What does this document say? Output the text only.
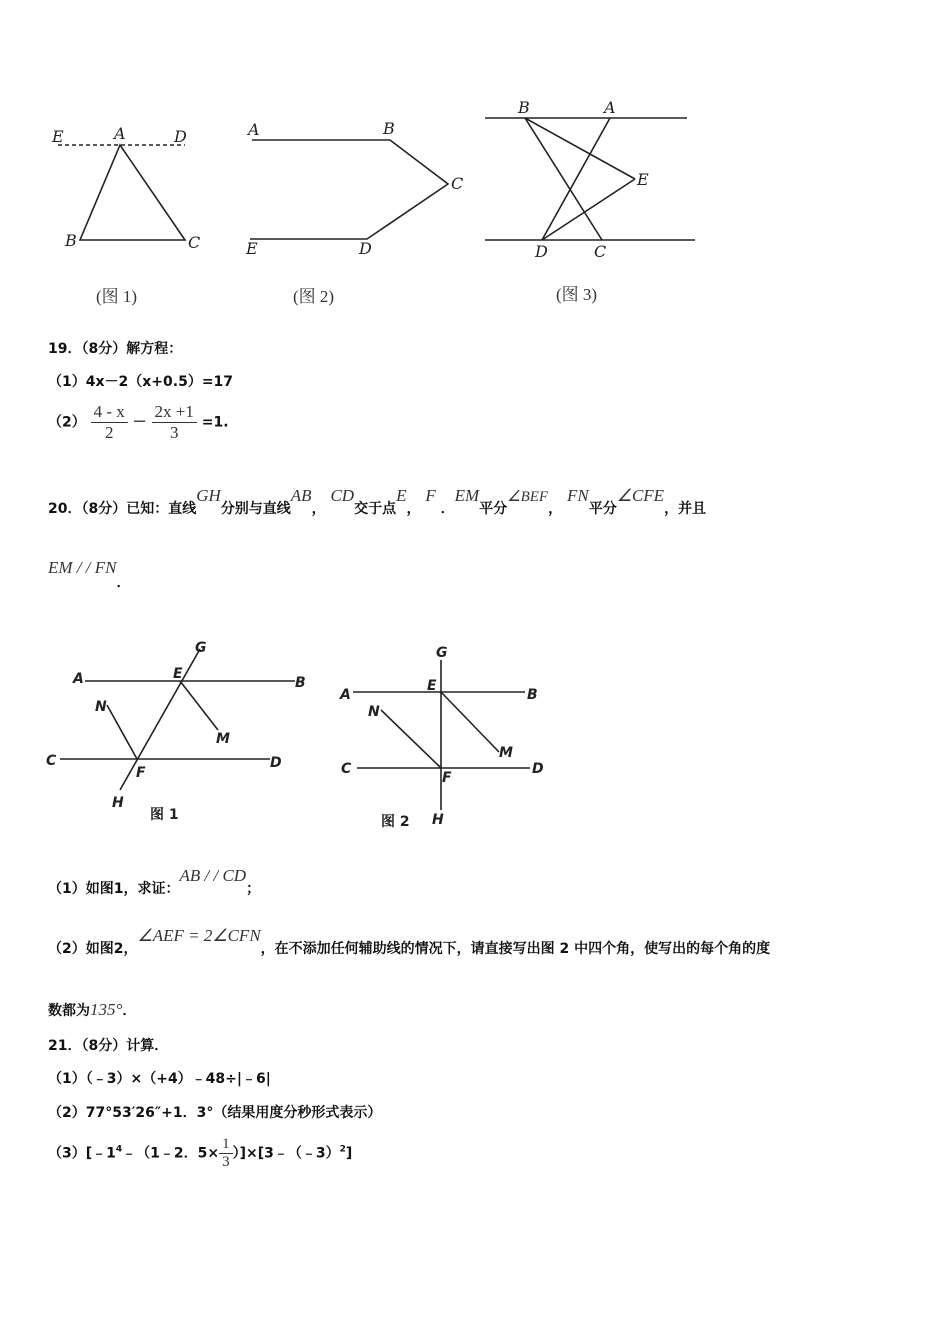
E	A	D
B	C
(图 1)
A	B
C
E	D
(图 2)
B	A
E
D	C
(图 3)
19．（8分）解方程：
（1）4x－2（x+0.5）=17
$(2) \frac{4 - x}{2} - \frac{2x +1}{3} =1$.
20．（8分）已知：直线GH分别与直线AB， CD交于点E， F ．EM平分∠BEF， FN平分∠CFE，并且
EM / / FN．
G
A	E
B
N
M
C
F
D
H
图 1
G
A
E
B
N
M
C
F
D
H
图 2
（1）如图1，求证：AB / / CD；
（2）如图2，∠AEF = 2∠CFN，在不添加任何辅助线的情况下，请直接写出图 2 中四个角，使写出的每个角的度
数都为135°．
21．（8分）计算．
（1）（﹣3）×（+4）﹣48÷|﹣6|
（2）77°53′26″+1．3°（结果用度分秒形式表示）
$(3)[﹣1^4﹣(1﹣2$．$5\times \frac{1}{3}$ ）]×[3﹣（﹣3）$^2$]
